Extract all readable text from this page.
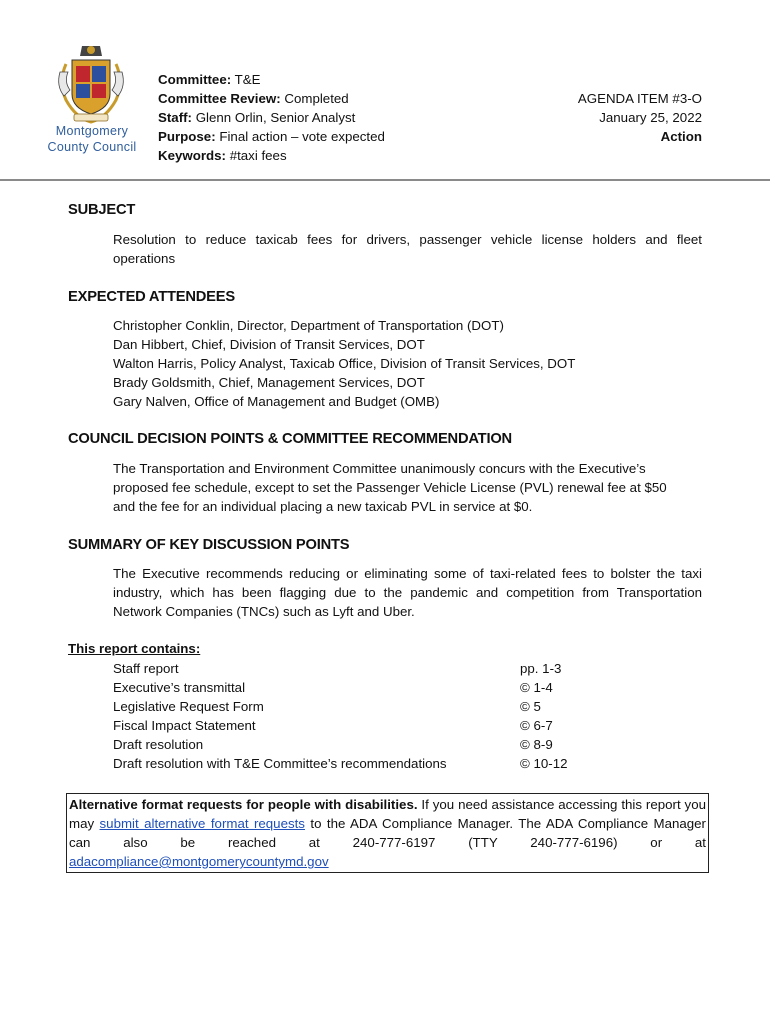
Montgomery
County Council
Committee: T&E
Committee Review: Completed
Staff: Glenn Orlin, Senior Analyst
Purpose: Final action – vote expected
Keywords: #taxi fees
AGENDA ITEM #3-O
January 25, 2022
Action
SUBJECT
Resolution to reduce taxicab fees for drivers, passenger vehicle license holders and fleet
operations
EXPECTED ATTENDEES
Christopher Conklin, Director, Department of Transportation (DOT)
Dan Hibbert, Chief, Division of Transit Services, DOT
Walton Harris, Policy Analyst, Taxicab Office, Division of Transit Services, DOT
Brady Goldsmith, Chief, Management Services, DOT
Gary Nalven, Office of Management and Budget (OMB)
COUNCIL DECISION POINTS & COMMITTEE RECOMMENDATION
The Transportation and Environment Committee unanimously concurs with the Executive’s
proposed fee schedule, except to set the Passenger Vehicle License (PVL) renewal fee at $50
and the fee for an individual placing a new taxicab PVL in service at $0.
SUMMARY OF KEY DISCUSSION POINTS
The Executive recommends reducing or eliminating some of taxi-related fees to bolster the taxi
industry, which has been flagging due to the pandemic and competition from Transportation
Network Companies (TNCs) such as Lyft and Uber.
This report contains:
Staff report	pp. 1-3
Executive’s transmittal	© 1-4
Legislative Request Form	© 5
Fiscal Impact Statement	© 6-7
Draft resolution	© 8-9
Draft resolution with T&E Committee’s recommendations	© 10-12
Alternative format requests for people with disabilities. If you need assistance accessing this report you may submit alternative format requests to the ADA Compliance Manager. The ADA Compliance Manager can also be reached at 240-777-6197 (TTY 240-777-6196) or at adacompliance@montgomerycountymd.gov
